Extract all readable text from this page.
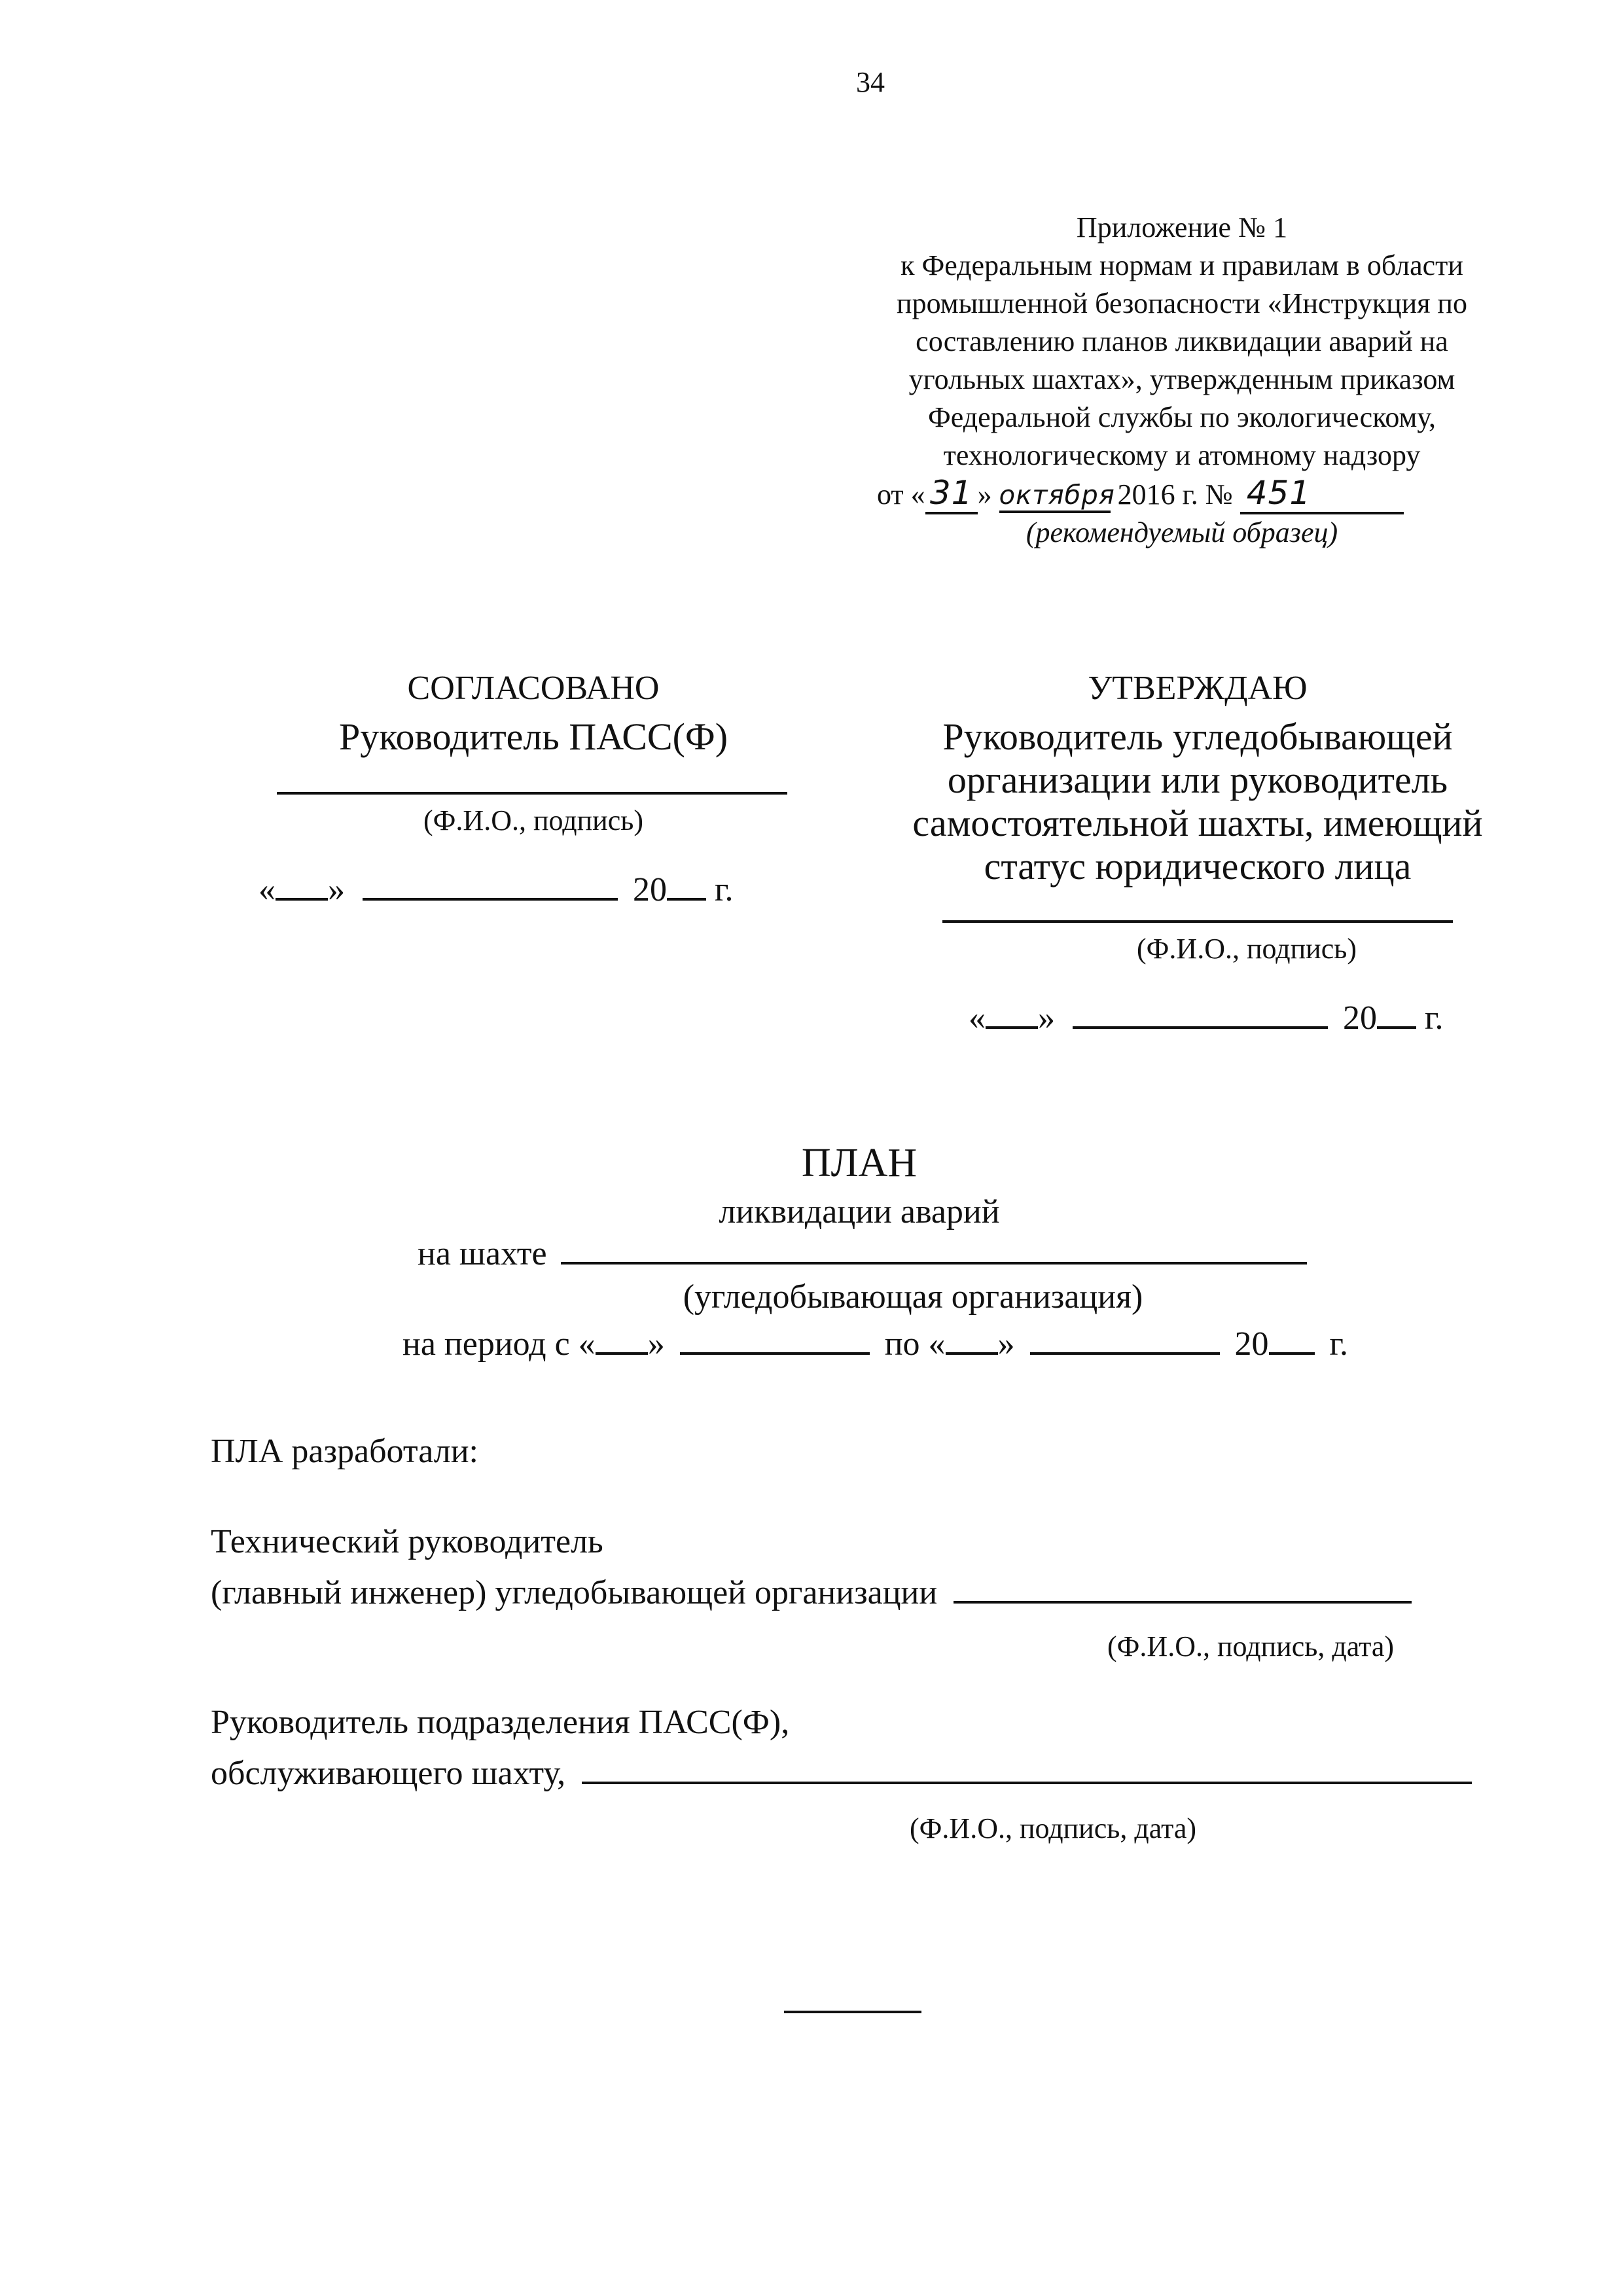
34
Приложение № 1
к Федеральным нормам и правилам в области
промышленной безопасности «Инструкция по
составлению планов ликвидации аварий на
угольных шахтах», утвержденным приказом
Федеральной службы по экологическому,
технологическому и атомному надзору
от « 31 » октября 2016 г. № 451
(рекомендуемый образец)
СОГЛАСОВАНО
Руководитель ПАСС(Ф)
(Ф.И.О., подпись)
« »	20 г.
УТВЕРЖДАЮ
Руководитель угледобывающей
организации или руководитель
самостоятельной шахты, имеющий
статус юридического лица
(Ф.И.О., подпись)
« »	20 г.
ПЛАН
ликвидации аварий
на шахте
(угледобывающая организация)
на период с « »	по « »	20 г.
ПЛА разработали:
Технический руководитель
(главный инженер) угледобывающей организации
(Ф.И.О., подпись, дата)
Руководитель подразделения ПАСС(Ф),
обслуживающего шахту,
(Ф.И.О., подпись, дата)
